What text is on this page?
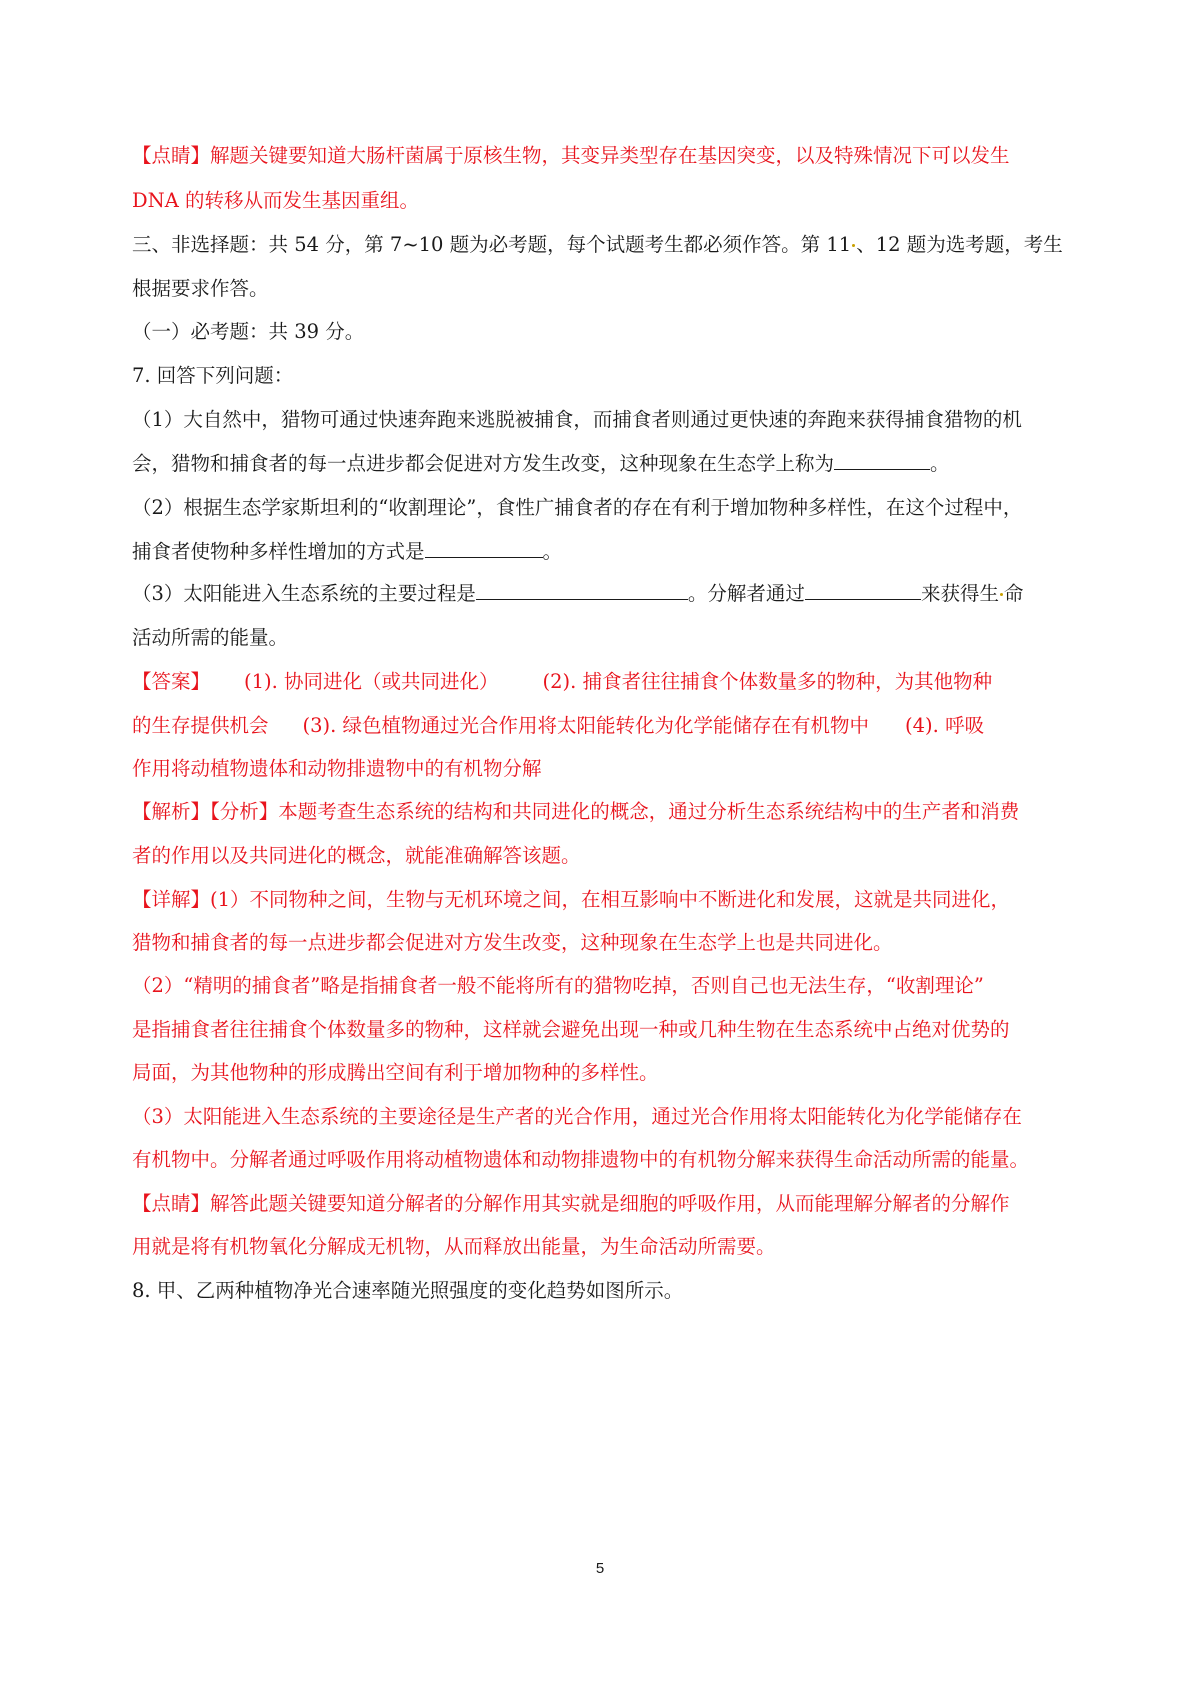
【点睛】解题关键要知道大肠杆菌属于原核生物，其变异类型存在基因突变，以及特殊情况下可以发生
DNA 的转移从而发生基因重组。
三、非选择题：共 54 分，第 7~10 题为必考题，每个试题考生都必须作答。第 11 、12 题为选考题，考生
根据要求作答。
（一）必考题：共 39 分。
7. 回答下列问题：
（1）大自然中，猎物可通过快速奔跑来逃脱被捕食，而捕食者则通过更快速的奔跑来获得捕食猎物的机
会，猎物和捕食者的每一点进步都会促进对方发生改变，这种现象在生态学上称为	。
（2）根据生态学家斯坦利的“收割理论”，食性广捕食者的存在有利于增加物种多样性，在这个过程中，
捕食者使物种多样性增加的方式是	。
（3）太阳能进入生态系统的主要过程是	。分解者通过	来获得生 命
活动所需的能量。
【答案】 (1). 协同进化（或共同进化） (2). 捕食者往往捕食个体数量多的物种，为其他物种
的生存提供机会 (3). 绿色植物通过光合作用将太阳能转化为化学能储存在有机物中 (4). 呼吸
作用将动植物遗体和动物排遗物中的有机物分解
【解析】【分析】本题考查生态系统的结构和共同进化的概念，通过分析生态系统结构中的生产者和消费
者的作用以及共同进化的概念，就能准确解答该题。
【详解】(1）不同物种之间，生物与无机环境之间，在相互影响中不断进化和发展，这就是共同进化，
猎物和捕食者的每一点进步都会促进对方发生改变，这种现象在生态学上也是共同进化。
（2）“精明的捕食者”略是指捕食者一般不能将所有的猎物吃掉，否则自己也无法生存，“收割理论”
是指捕食者往往捕食个体数量多的物种，这样就会避免出现一种或几种生物在生态系统中占绝对优势的
局面，为其他物种的形成腾出空间有利于增加物种的多样性。
（3）太阳能进入生态系统的主要途径是生产者的光合作用，通过光合作用将太阳能转化为化学能储存在
有机物中。分解者通过呼吸作用将动植物遗体和动物排遗物中的有机物分解来获得生命活动所需的能量。
【点睛】解答此题关键要知道分解者的分解作用其实就是细胞的呼吸作用，从而能理解分解者的分解作
用就是将有机物氧化分解成无机物，从而释放出能量，为生命活动所需要。
8. 甲、乙两种植物净光合速率随光照强度的变化趋势如图所示。
5
